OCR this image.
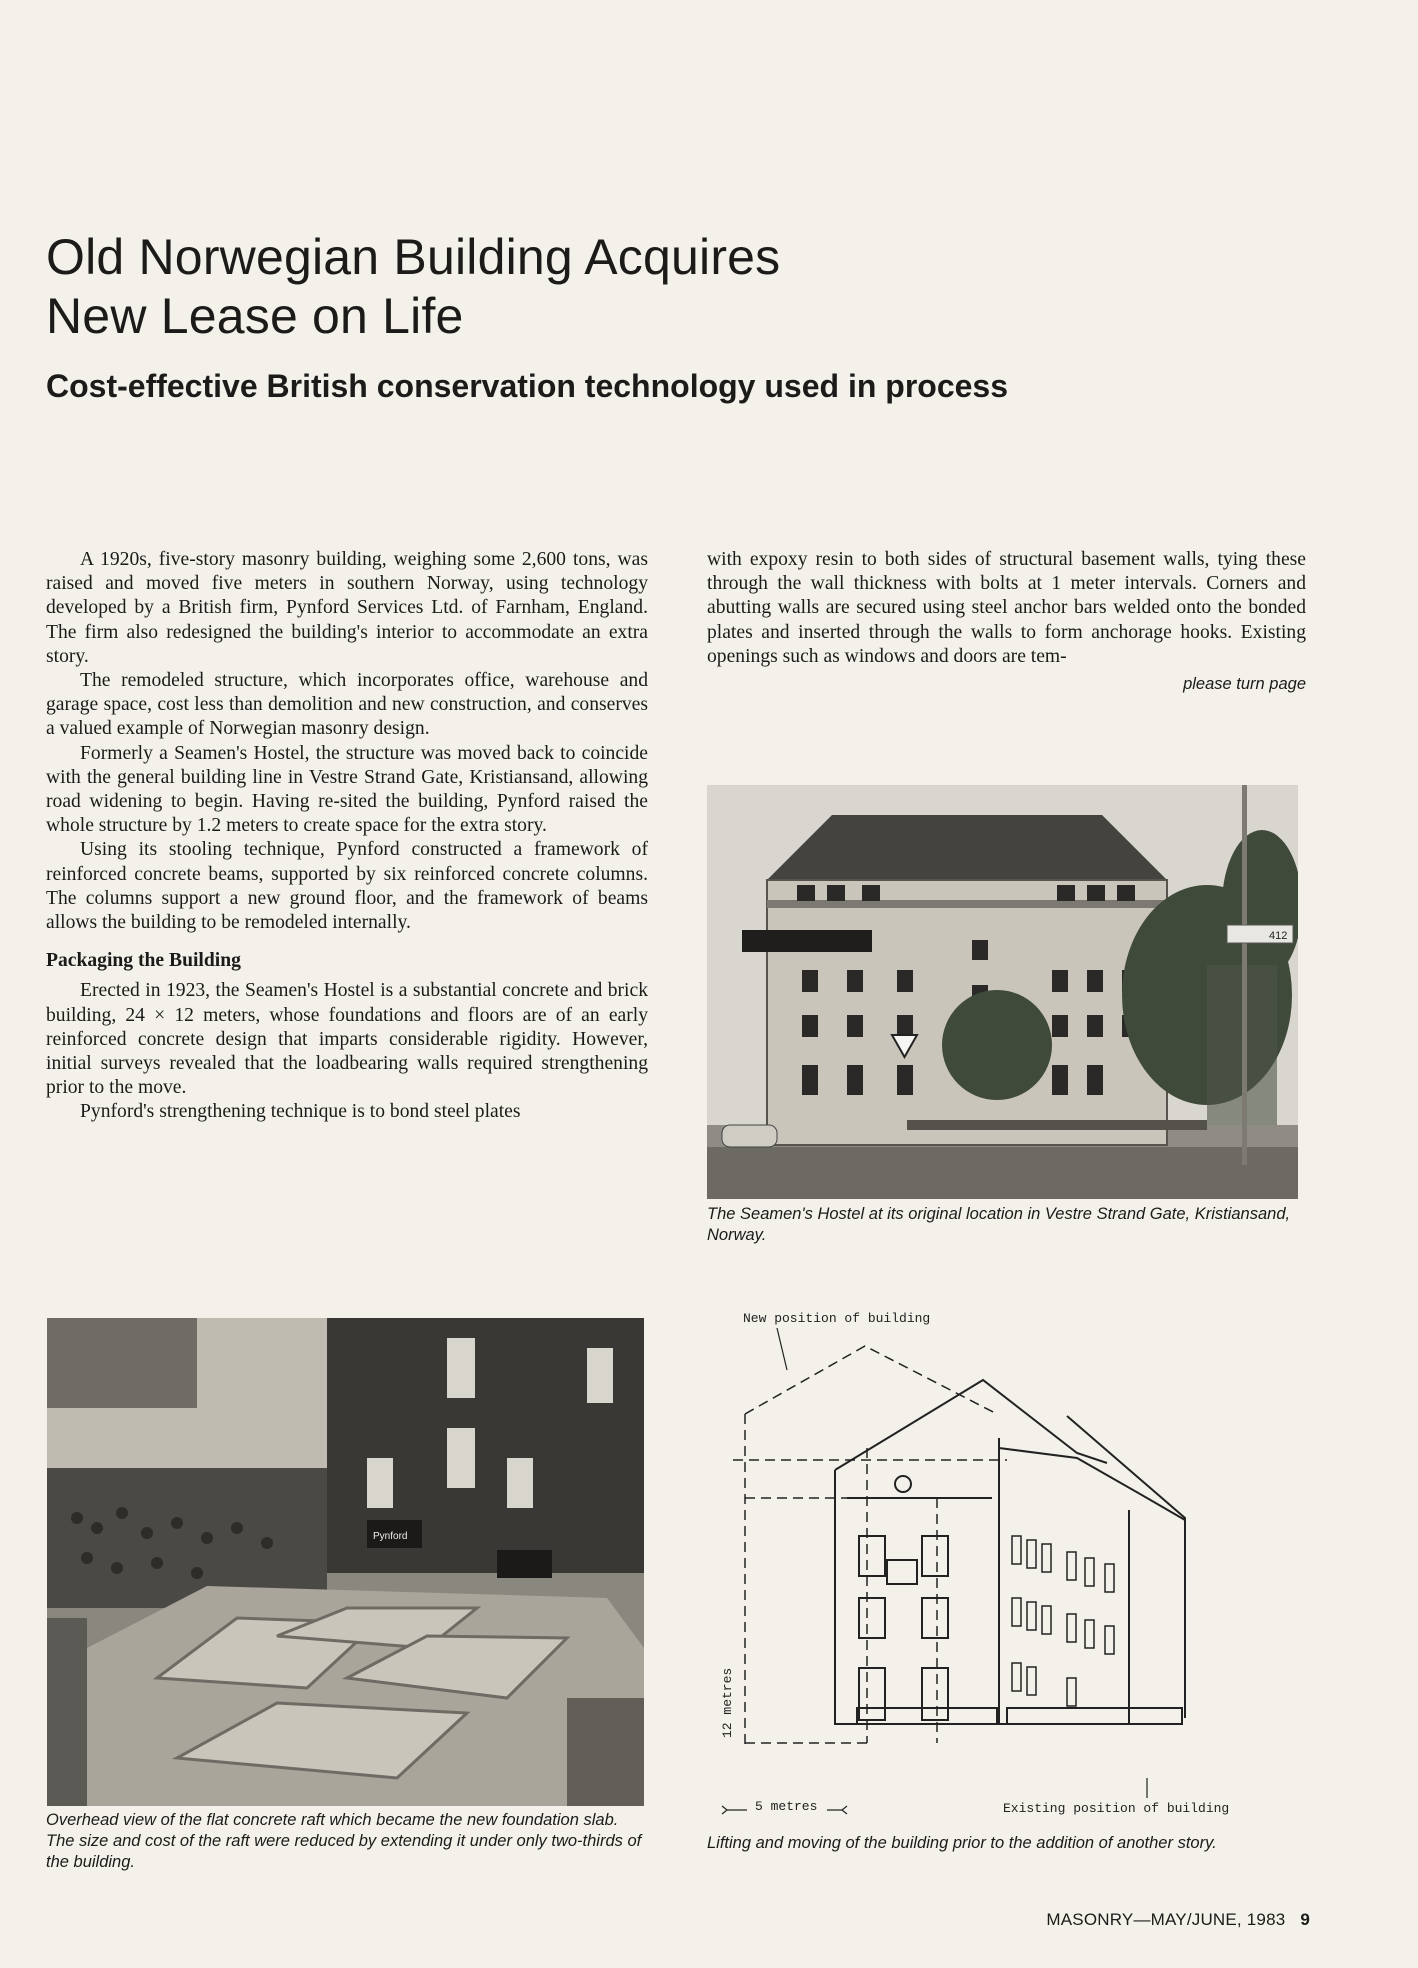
Old Norwegian Building Acquires
New Lease on Life
Cost-effective British conservation technology used in process

A 1920s, five-story masonry building, weighing some 2,600 tons, was raised and moved five meters in southern Norway, using technology developed by a British firm, Pynford Services Ltd. of Farnham, England. The firm also redesigned the building's interior to accommodate an extra story.

The remodeled structure, which incorporates office, warehouse and garage space, cost less than demolition and new construction, and conserves a valued example of Norwegian masonry design.

Formerly a Seamen's Hostel, the structure was moved back to coincide with the general building line in Vestre Strand Gate, Kristiansand, allowing road widening to begin. Having re-sited the building, Pynford raised the whole structure by 1.2 meters to create space for the extra story.

Using its stooling technique, Pynford constructed a framework of reinforced concrete beams, supported by six reinforced concrete columns. The columns support a new ground floor, and the framework of beams allows the building to be remodeled internally.

Packaging the Building

Erected in 1923, the Seamen's Hostel is a substantial concrete and brick building, 24 × 12 meters, whose foundations and floors are of an early reinforced concrete design that imparts considerable rigidity. However, initial surveys revealed that the loadbearing walls required strengthening prior to the move.

Pynford's strengthening technique is to bond steel plates

with expoxy resin to both sides of structural basement walls, tying these through the wall thickness with bolts at 1 meter intervals. Corners and abutting walls are secured using steel anchor bars welded onto the bonded plates and inserted through the walls to form anchorage hooks. Existing openings such as windows and doors are tem-

please turn page
412

The Seamen's Hostel at its original location in Vestre Strand Gate, Kristiansand, Norway.

Pynford

Overhead view of the flat concrete raft which became the new foundation slab. The size and cost of the raft were reduced by extending it under only two-thirds of the building.

New position of building
Existing position of building
5 metres
12 metres

Lifting and moving of the building prior to the addition of another story.

MASONRY—MAY/JUNE, 1983 9
